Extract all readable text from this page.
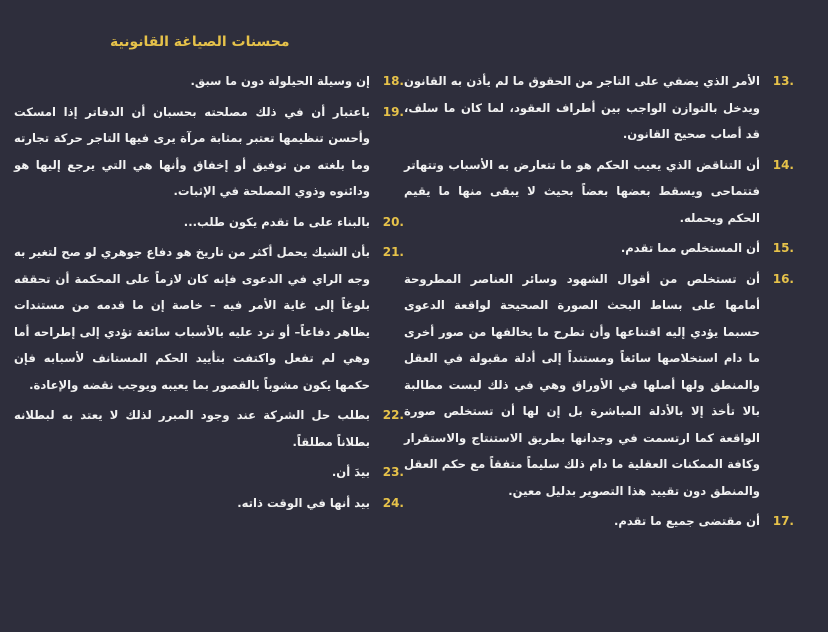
محسنات الصياغة القانونية
13.
الأمر الذي يضفي على التاجر من الحقوق ما لم يأذن به القانون ويدخل بالتوازن الواجب بين أطراف العقود، لما كان ما سلف، قد أصاب صحيح القانون.
14.
أن التناقض الذي يعيب الحكم هو ما تتعارض به الأسباب وتتهاتر فتتماحى ويسقط بعضها بعضاً بحيث لا يبقى منها ما يقيم الحكم ويحمله.
15.
أن المستخلص مما تقدم.
16.
أن تستخلص من أقوال الشهود وسائر العناصر المطروحة أمامها على بساط البحث الصورة الصحيحة لواقعة الدعوى حسبما يؤدي إليه اقتناعها وأن تطرح ما يخالفها من صور أخرى ما دام استخلاصها سائغاً ومستنداً إلى أدلة مقبولة في العقل والمنطق ولها أصلها في الأوراق وهي في ذلك ليست مطالبة بالا تأخذ إلا بالأدلة المباشرة بل إن لها أن تستخلص صورة الواقعة كما ارتسمت في وجدانها بطريق الاستنتاج والاستقرار وكافة الممكنات العقلية ما دام ذلك سليماً متفقاً مع حكم العقل والمنطق دون تقييد هذا التصوير بدليل معين.
17.
أن مقتضى جميع ما تقدم.
18.
إن وسيلة الحيلولة دون ما سبق.
19.
باعتبار أن في ذلك مصلحته بحسبان أن الدفاتر إذا امسكت وأحسن تنظيمها تعتبر بمثابة مرآة يرى فيها التاجر حركة تجارته وما بلغته من توفيق أو إخفاق وأنها هي التي يرجع إليها هو ودائنوه وذوي المصلحة في الإثبات.
20.
بالبناء على ما تقدم يكون طلب...
21.
بأن الشيك يحمل أكثر من تاريخ هو دفاع جوهري لو صح لتغير به وجه الراي في الدعوى فإنه كان لازماً على المحكمة أن تحققه بلوغاً إلى غاية الأمر فيه – خاصة إن ما قدمه من مستندات يظاهر دفاعاً– أو ترد عليه بالأسباب سائغة تؤدي إلى إطراحه أما وهي لم تفعل واكتفت بتأييد الحكم المستانف لأسبابه فإن حكمها يكون مشوباً بالقصور بما يعيبه ويوجب نقضه والإعادة.
22.
بطلب حل الشركة عند وجود المبرر لذلك لا يعتد به لبطلانه بطلاناً مطلقاً.
23.
بيدَ أن.
24.
بيد أنها في الوقت ذاته.
